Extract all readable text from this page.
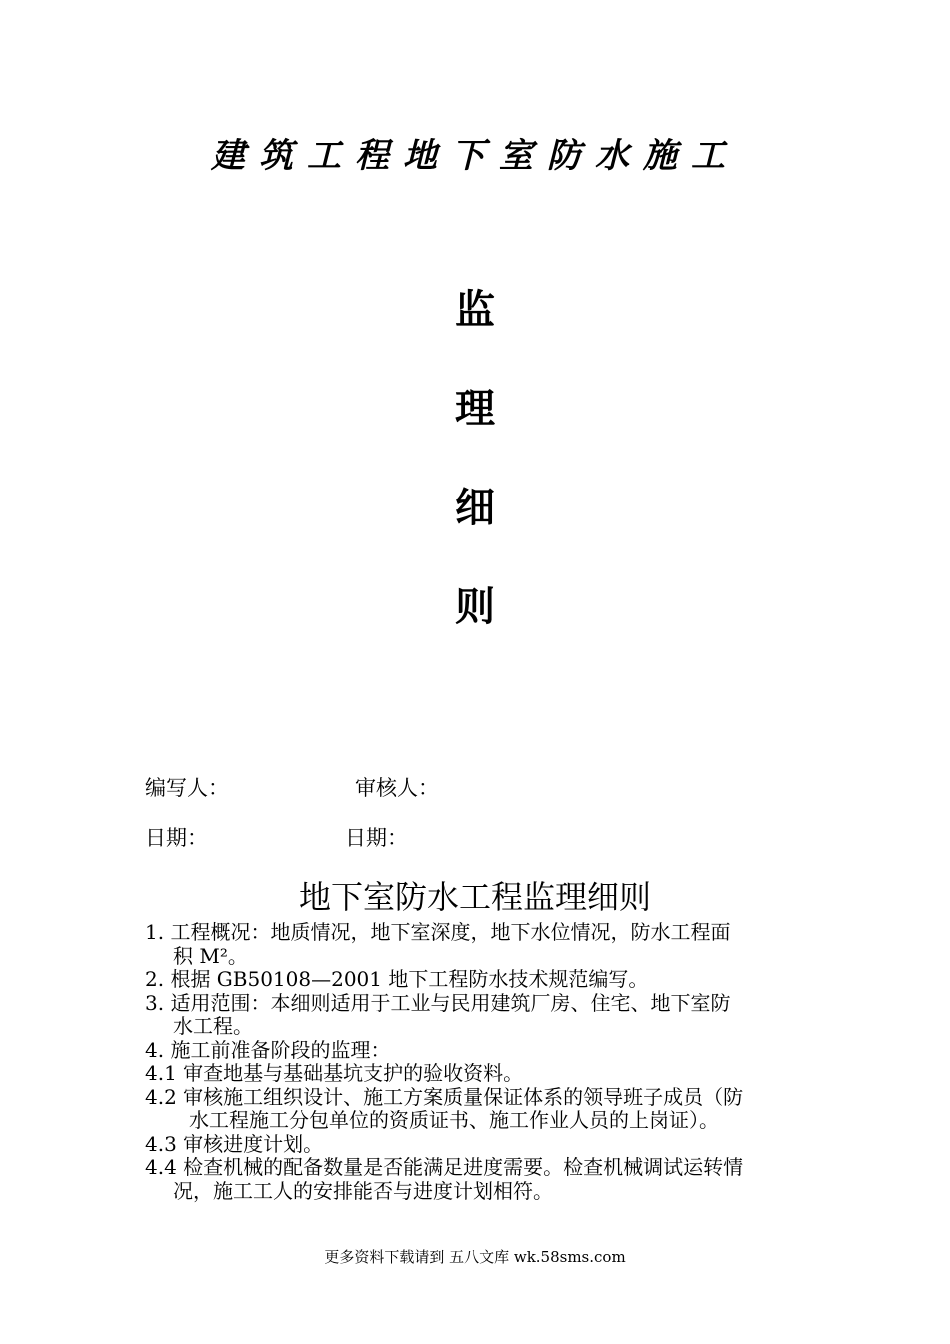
建筑工程地下室防水施工
监
理
细
则
编写人：	审核人：
日期：	日期：
地下室防水工程监理细则
1. 工程概况：地质情况，地下室深度，地下水位情况，防水工程面
积 M²。
2. 根据 GB50108—2001 地下工程防水技术规范编写。
3. 适用范围：本细则适用于工业与民用建筑厂房、住宅、地下室防
水工程。
4. 施工前准备阶段的监理：
4.1 审查地基与基础基坑支护的验收资料。
4.2 审核施工组织设计、施工方案质量保证体系的领导班子成员（防
水工程施工分包单位的资质证书、施工作业人员的上岗证）。
4.3 审核进度计划。
4.4 检查机械的配备数量是否能满足进度需要。检查机械调试运转情
况，施工工人的安排能否与进度计划相符。
更多资料下载请到 五八文库 wk.58sms.com
